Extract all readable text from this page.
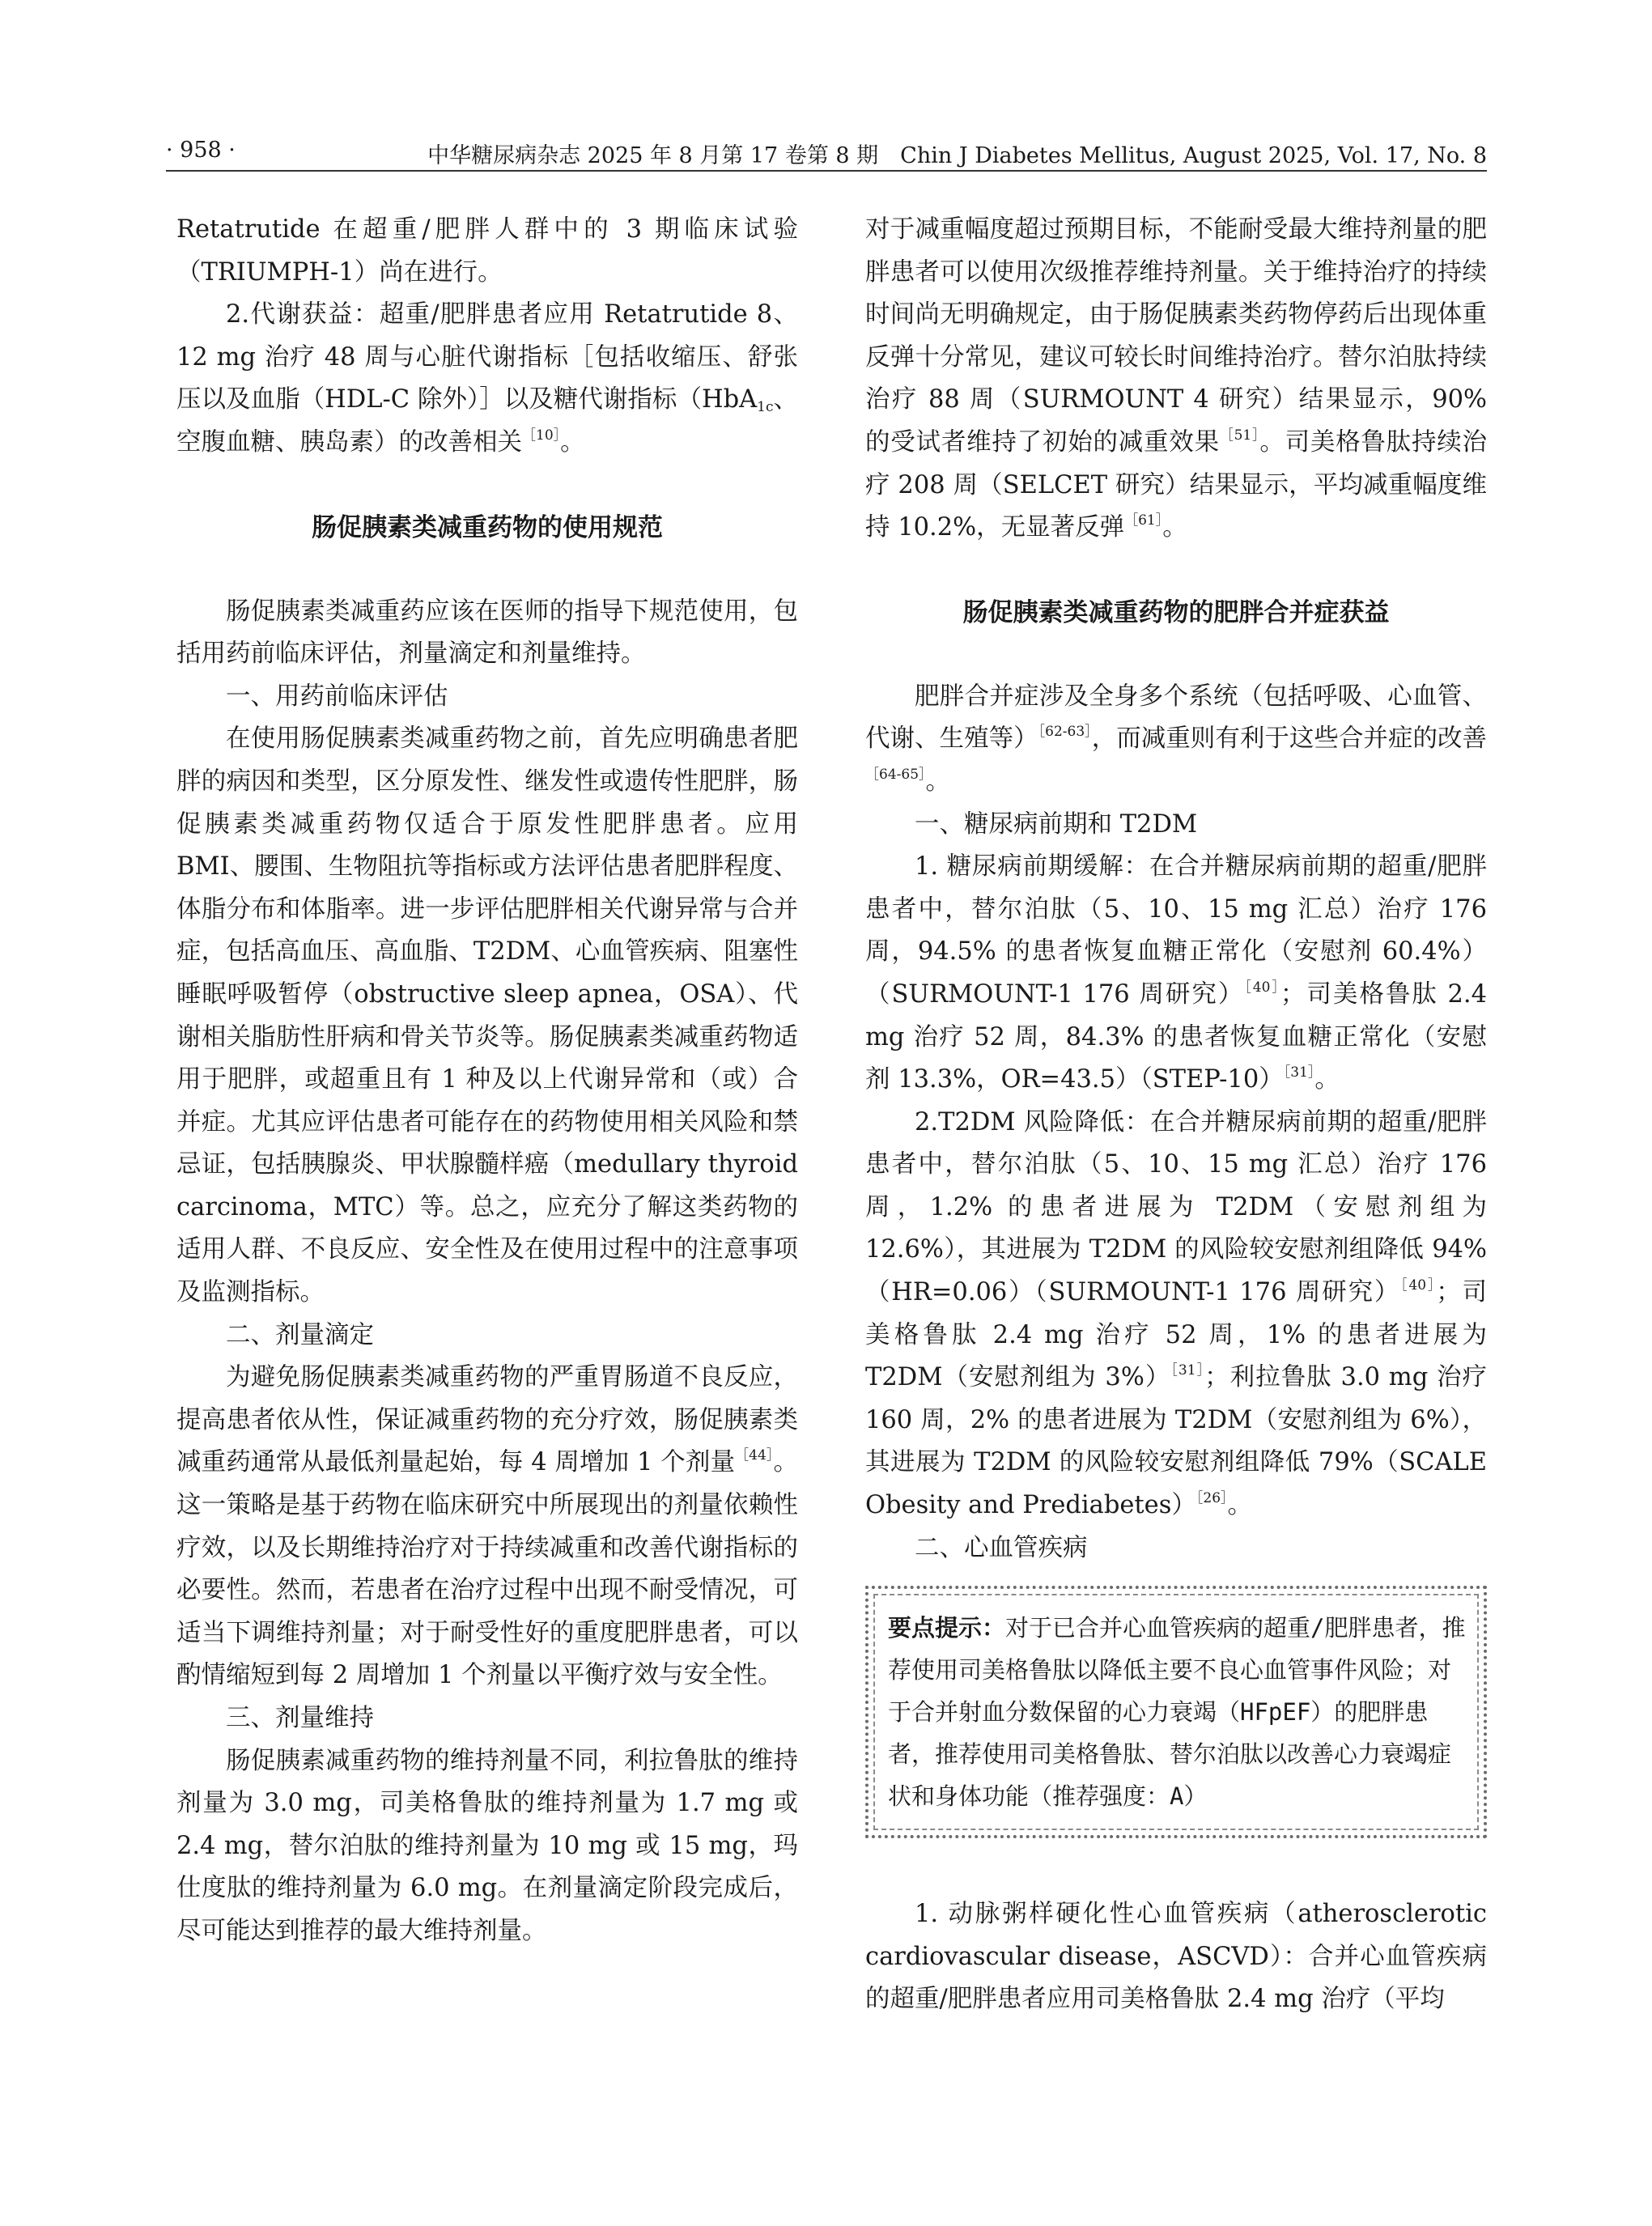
· 958 ·	中华糖尿病杂志 2025 年 8 月第 17 卷第 8 期　Chin J Diabetes Mellitus, August 2025, Vol. 17, No. 8

Retatrutide 在超重/肥胖人群中的 3 期临床试验（TRIUMPH-1）尚在进行。

2.代谢获益：超重/肥胖患者应用 Retatrutide 8、12 mg 治疗 48 周与心脏代谢指标［包括收缩压、舒张压以及血脂（HDL-C 除外）］以及糖代谢指标（HbA$_{1c}$、空腹血糖、胰岛素）的改善相关$^{[10]}$。

肠促胰素类减重药物的使用规范

肠促胰素类减重药应该在医师的指导下规范使用，包括用药前临床评估，剂量滴定和剂量维持。

一、用药前临床评估

在使用肠促胰素类减重药物之前，首先应明确患者肥胖的病因和类型，区分原发性、继发性或遗传性肥胖，肠促胰素类减重药物仅适合于原发性肥胖患者。应用 BMI、腰围、生物阻抗等指标或方法评估患者肥胖程度、体脂分布和体脂率。进一步评估肥胖相关代谢异常与合并症，包括高血压、高血脂、T2DM、心血管疾病、阻塞性睡眠呼吸暂停（obstructive sleep apnea，OSA）、代谢相关脂肪性肝病和骨关节炎等。肠促胰素类减重药物适用于肥胖，或超重且有 1 种及以上代谢异常和（或）合并症。尤其应评估患者可能存在的药物使用相关风险和禁忌证，包括胰腺炎、甲状腺髓样癌（medullary thyroid carcinoma，MTC）等。总之，应充分了解这类药物的适用人群、不良反应、安全性及在使用过程中的注意事项及监测指标。

二、剂量滴定

为避免肠促胰素类减重药物的严重胃肠道不良反应，提高患者依从性，保证减重药物的充分疗效，肠促胰素类减重药通常从最低剂量起始，每 4 周增加 1 个剂量$^{[44]}$。这一策略是基于药物在临床研究中所展现出的剂量依赖性疗效，以及长期维持治疗对于持续减重和改善代谢指标的必要性。然而，若患者在治疗过程中出现不耐受情况，可适当下调维持剂量；对于耐受性好的重度肥胖患者，可以酌情缩短到每 2 周增加 1 个剂量以平衡疗效与安全性。

三、剂量维持

肠促胰素减重药物的维持剂量不同，利拉鲁肽的维持剂量为 3.0 mg，司美格鲁肽的维持剂量为 1.7 mg 或 2.4 mg，替尔泊肽的维持剂量为 10 mg 或 15 mg，玛仕度肽的维持剂量为 6.0 mg。在剂量滴定阶段完成后，尽可能达到推荐的最大维持剂量。

对于减重幅度超过预期目标，不能耐受最大维持剂量的肥胖患者可以使用次级推荐维持剂量。关于维持治疗的持续时间尚无明确规定，由于肠促胰素类药物停药后出现体重反弹十分常见，建议可较长时间维持治疗。替尔泊肽持续治疗 88 周（SURMOUNT 4 研究）结果显示，90% 的受试者维持了初始的减重效果$^{[51]}$。司美格鲁肽持续治疗 208 周（SELCET 研究）结果显示，平均减重幅度维持 10.2%，无显著反弹$^{[61]}$。

肠促胰素类减重药物的肥胖合并症获益

肥胖合并症涉及全身多个系统（包括呼吸、心血管、代谢、生殖等）$^{[62-63]}$，而减重则有利于这些合并症的改善$^{[64-65]}$。

一、糖尿病前期和 T2DM

1. 糖尿病前期缓解：在合并糖尿病前期的超重/肥胖患者中，替尔泊肽（5、10、15 mg 汇总）治疗 176 周，94.5% 的患者恢复血糖正常化（安慰剂 60.4%）（SURMOUNT-1 176 周研究）$^{[40]}$；司美格鲁肽 2.4 mg 治疗 52 周，84.3% 的患者恢复血糖正常化（安慰剂 13.3%，OR=43.5）（STEP-10）$^{[31]}$。

2.T2DM 风险降低：在合并糖尿病前期的超重/肥胖患者中，替尔泊肽（5、10、15 mg 汇总）治疗 176 周，1.2% 的患者进展为 T2DM（安慰剂组为 12.6%），其进展为 T2DM 的风险较安慰剂组降低 94%（HR=0.06）（SURMOUNT-1 176 周研究）$^{[40]}$；司美格鲁肽 2.4 mg 治疗 52 周，1% 的患者进展为 T2DM（安慰剂组为 3%）$^{[31]}$；利拉鲁肽 3.0 mg 治疗 160 周，2% 的患者进展为 T2DM（安慰剂组为 6%），其进展为 T2DM 的风险较安慰剂组降低 79%（SCALE Obesity and Prediabetes）$^{[26]}$。

二、心血管疾病

要点提示：对于已合并心血管疾病的超重/肥胖患者，推荐使用司美格鲁肽以降低主要不良心血管事件风险；对于合并射血分数保留的心力衰竭（HFpEF）的肥胖患者，推荐使用司美格鲁肽、替尔泊肽以改善心力衰竭症状和身体功能（推荐强度：A）

1. 动脉粥样硬化性心血管疾病（atherosclerotic cardiovascular disease，ASCVD）：合并心血管疾病的超重/肥胖患者应用司美格鲁肽 2.4 mg 治疗（平均
